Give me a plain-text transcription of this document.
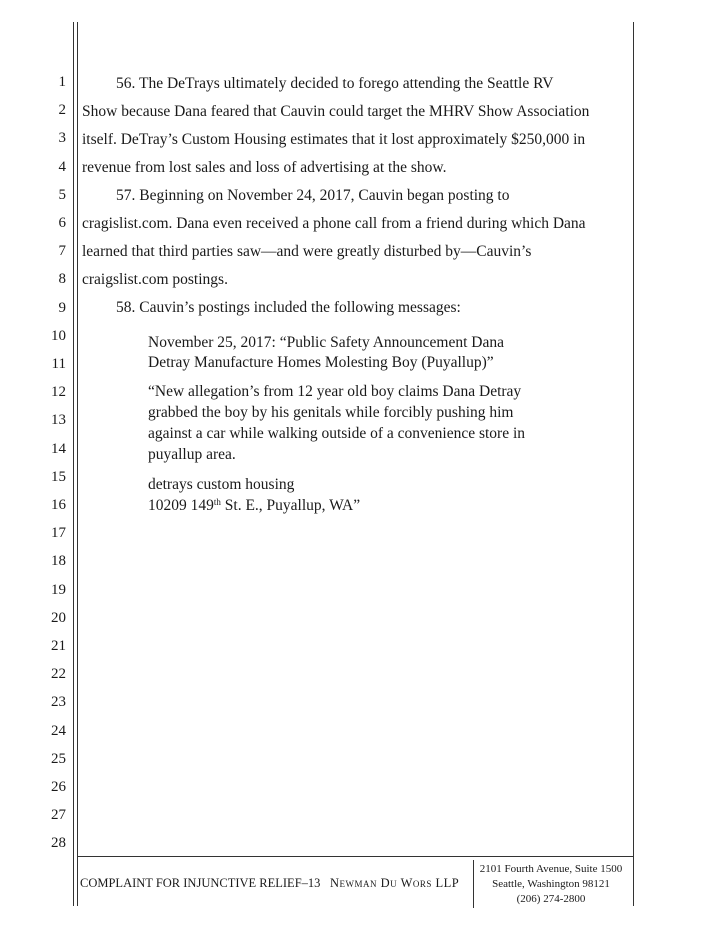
1
2
3
4
5
6
7
8
9
10
11
12
13
14
15
16
17
18
19
20
21
22
23
24
25
26
27
28
56. The DeTrays ultimately decided to forego attending the Seattle RV
Show because Dana feared that Cauvin could target the MHRV Show Association
itself. DeTray’s Custom Housing estimates that it lost approximately $250,000 in
revenue from lost sales and loss of advertising at the show.
57. Beginning on November 24, 2017, Cauvin began posting to
cragislist.com. Dana even received a phone call from a friend during which Dana
learned that third parties saw—and were greatly disturbed by—Cauvin’s
craigslist.com postings.
58. Cauvin’s postings included the following messages:
November 25, 2017: “Public Safety Announcement Dana
Detray Manufacture Homes Molesting Boy (Puyallup)”
“New allegation’s from 12 year old boy claims Dana Detray
grabbed the boy by his genitals while forcibly pushing him
against a car while walking outside of a convenience store in
puyallup area.
detrays custom housing
10209 149th St. E., Puyallup, WA”
COMPLAINT FOR INJUNCTIVE RELIEF–13 Newman Du Wors LLP
2101 Fourth Avenue, Suite 1500
Seattle, Washington 98121
(206) 274-2800
